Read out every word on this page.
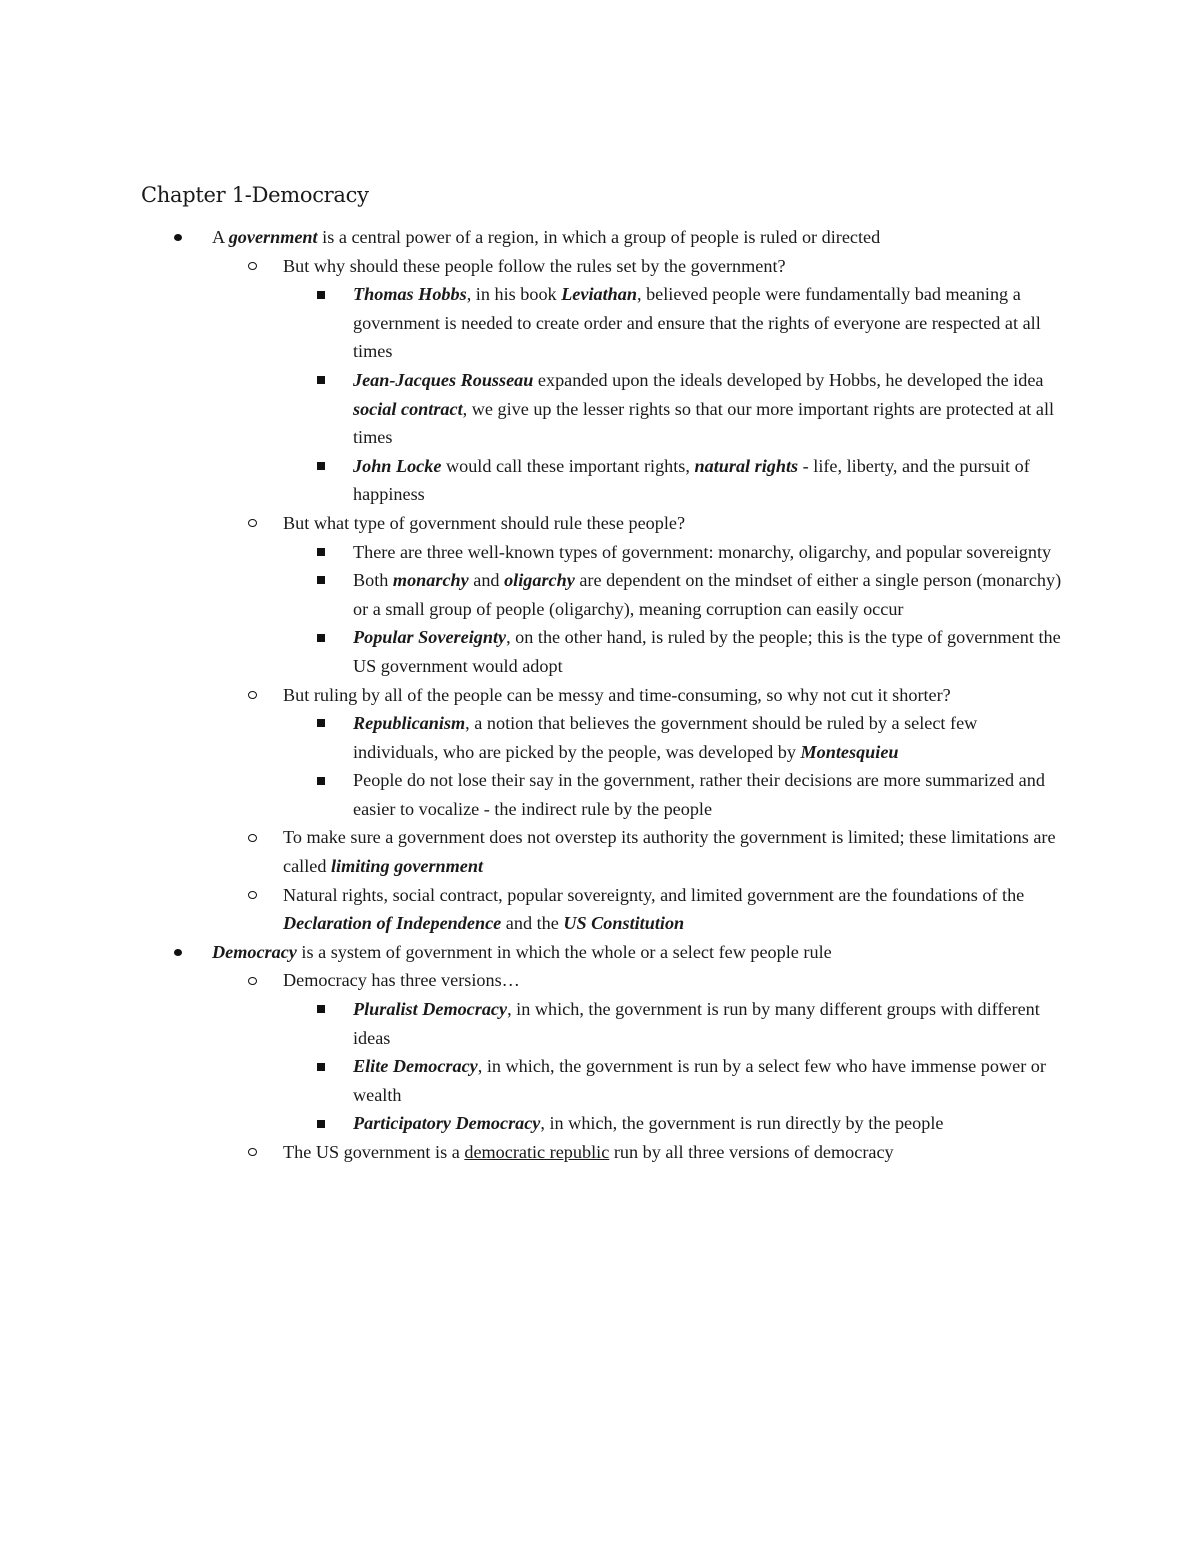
Chapter 1-Democracy
A government is a central power of a region, in which a group of people is ruled or directed
But why should these people follow the rules set by the government?
Thomas Hobbs, in his book Leviathan, believed people were fundamentally bad meaning a government is needed to create order and ensure that the rights of everyone are respected at all times
Jean-Jacques Rousseau expanded upon the ideals developed by Hobbs, he developed the idea social contract, we give up the lesser rights so that our more important rights are protected at all times
John Locke would call these important rights, natural rights - life, liberty, and the pursuit of happiness
But what type of government should rule these people?
There are three well-known types of government: monarchy, oligarchy, and popular sovereignty
Both monarchy and oligarchy are dependent on the mindset of either a single person (monarchy) or a small group of people (oligarchy), meaning corruption can easily occur
Popular Sovereignty, on the other hand, is ruled by the people; this is the type of government the US government would adopt
But ruling by all of the people can be messy and time-consuming, so why not cut it shorter?
Republicanism, a notion that believes the government should be ruled by a select few individuals, who are picked by the people, was developed by Montesquieu
People do not lose their say in the government, rather their decisions are more summarized and easier to vocalize - the indirect rule by the people
To make sure a government does not overstep its authority the government is limited; these limitations are called limiting government
Natural rights, social contract, popular sovereignty, and limited government are the foundations of the Declaration of Independence and the US Constitution
Democracy is a system of government in which the whole or a select few people rule
Democracy has three versions…
Pluralist Democracy, in which, the government is run by many different groups with different ideas
Elite Democracy, in which, the government is run by a select few who have immense power or wealth
Participatory Democracy, in which, the government is run directly by the people
The US government is a democratic republic run by all three versions of democracy
